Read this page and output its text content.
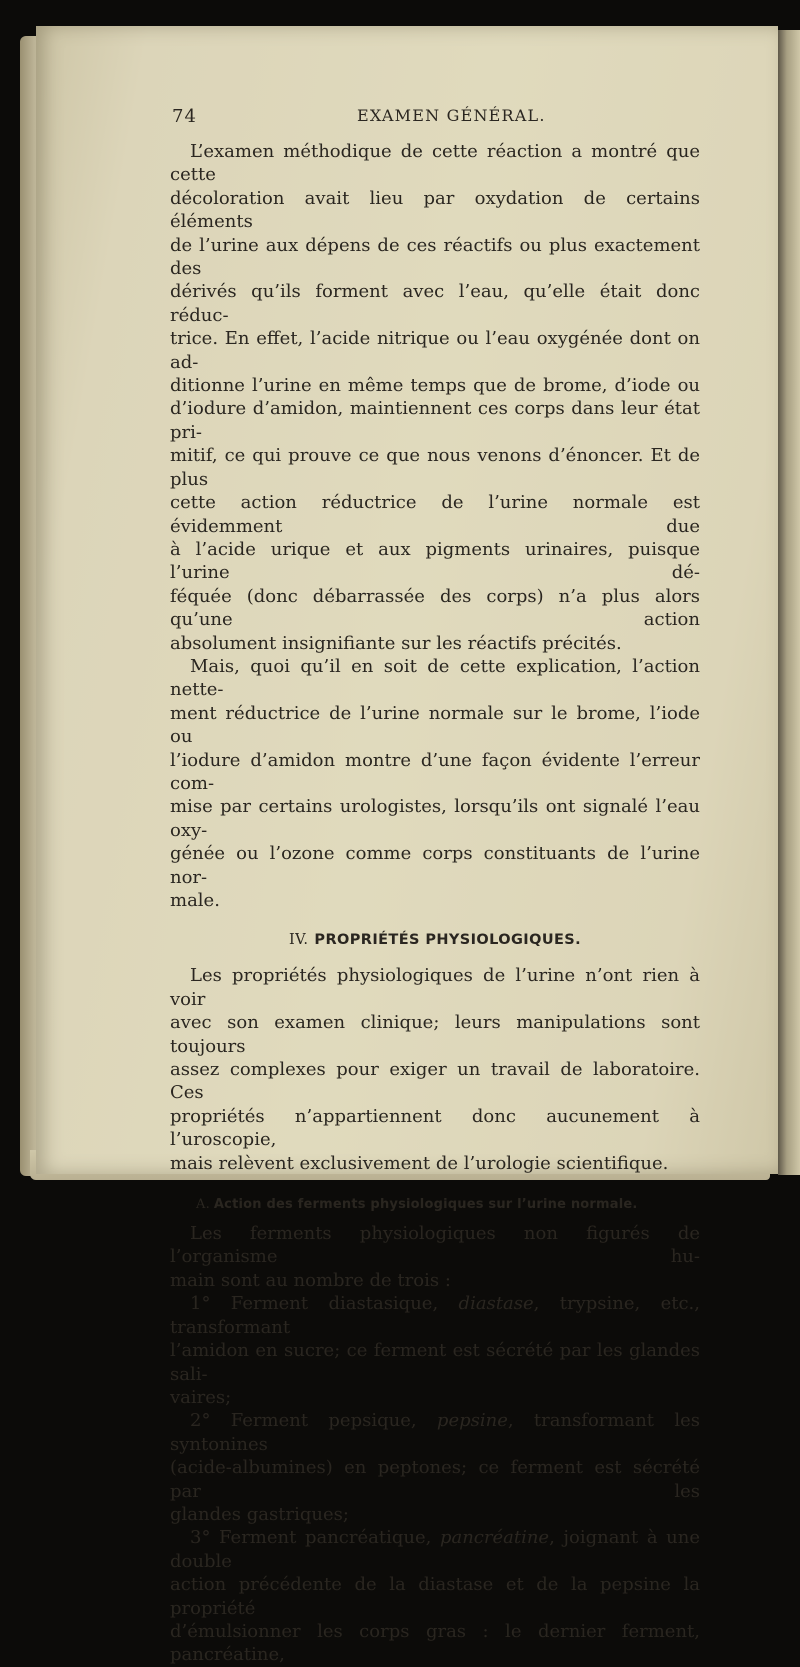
74	EXAMEN GÉNÉRAL.

L’examen méthodique de cette réaction a montré que cette

décoloration avait lieu par oxydation de certains éléments

de l’urine aux dépens de ces réactifs ou plus exactement des

dérivés qu’ils forment avec l’eau, qu’elle était donc réduc-

trice. En effet, l’acide nitrique ou l’eau oxygénée dont on ad-

ditionne l’urine en même temps que de brome, d’iode ou

d’iodure d’amidon, maintiennent ces corps dans leur état pri-

mitif, ce qui prouve ce que nous venons d’énoncer. Et de plus

cette action réductrice de l’urine normale est évidemment due

à l’acide urique et aux pigments urinaires, puisque l’urine dé-

féquée (donc débarrassée des corps) n’a plus alors qu’une action

absolument insignifiante sur les réactifs précités.

Mais, quoi qu’il en soit de cette explication, l’action nette-

ment réductrice de l’urine normale sur le brome, l’iode ou

l’iodure d’amidon montre d’une façon évidente l’erreur com-

mise par certains urologistes, lorsqu’ils ont signalé l’eau oxy-

génée ou l’ozone comme corps constituants de l’urine nor-

male.

IV. PROPRIÉTÉS PHYSIOLOGIQUES.

Les propriétés physiologiques de l’urine n’ont rien à voir

avec son examen clinique; leurs manipulations sont toujours

assez complexes pour exiger un travail de laboratoire. Ces

propriétés n’appartiennent donc aucunement à l’uroscopie,

mais relèvent exclusivement de l’urologie scientifique.

A. Action des ferments physiologiques sur l’urine normale.

Les ferments physiologiques non figurés de l’organisme hu-

main sont au nombre de trois :

1° Ferment diastasique, diastase, trypsine, etc., transformant

l’amidon en sucre; ce ferment est sécrété par les glandes sali-

vaires;

2° Ferment pepsique, pepsine, transformant les syntonines

(acide-albumines) en peptones; ce ferment est sécrété par les

glandes gastriques;

3° Ferment pancréatique, pancréatine, joignant à une double

action précédente de la diastase et de la pepsine la propriété

d’émulsionner les corps gras : le dernier ferment, pancréatine,
